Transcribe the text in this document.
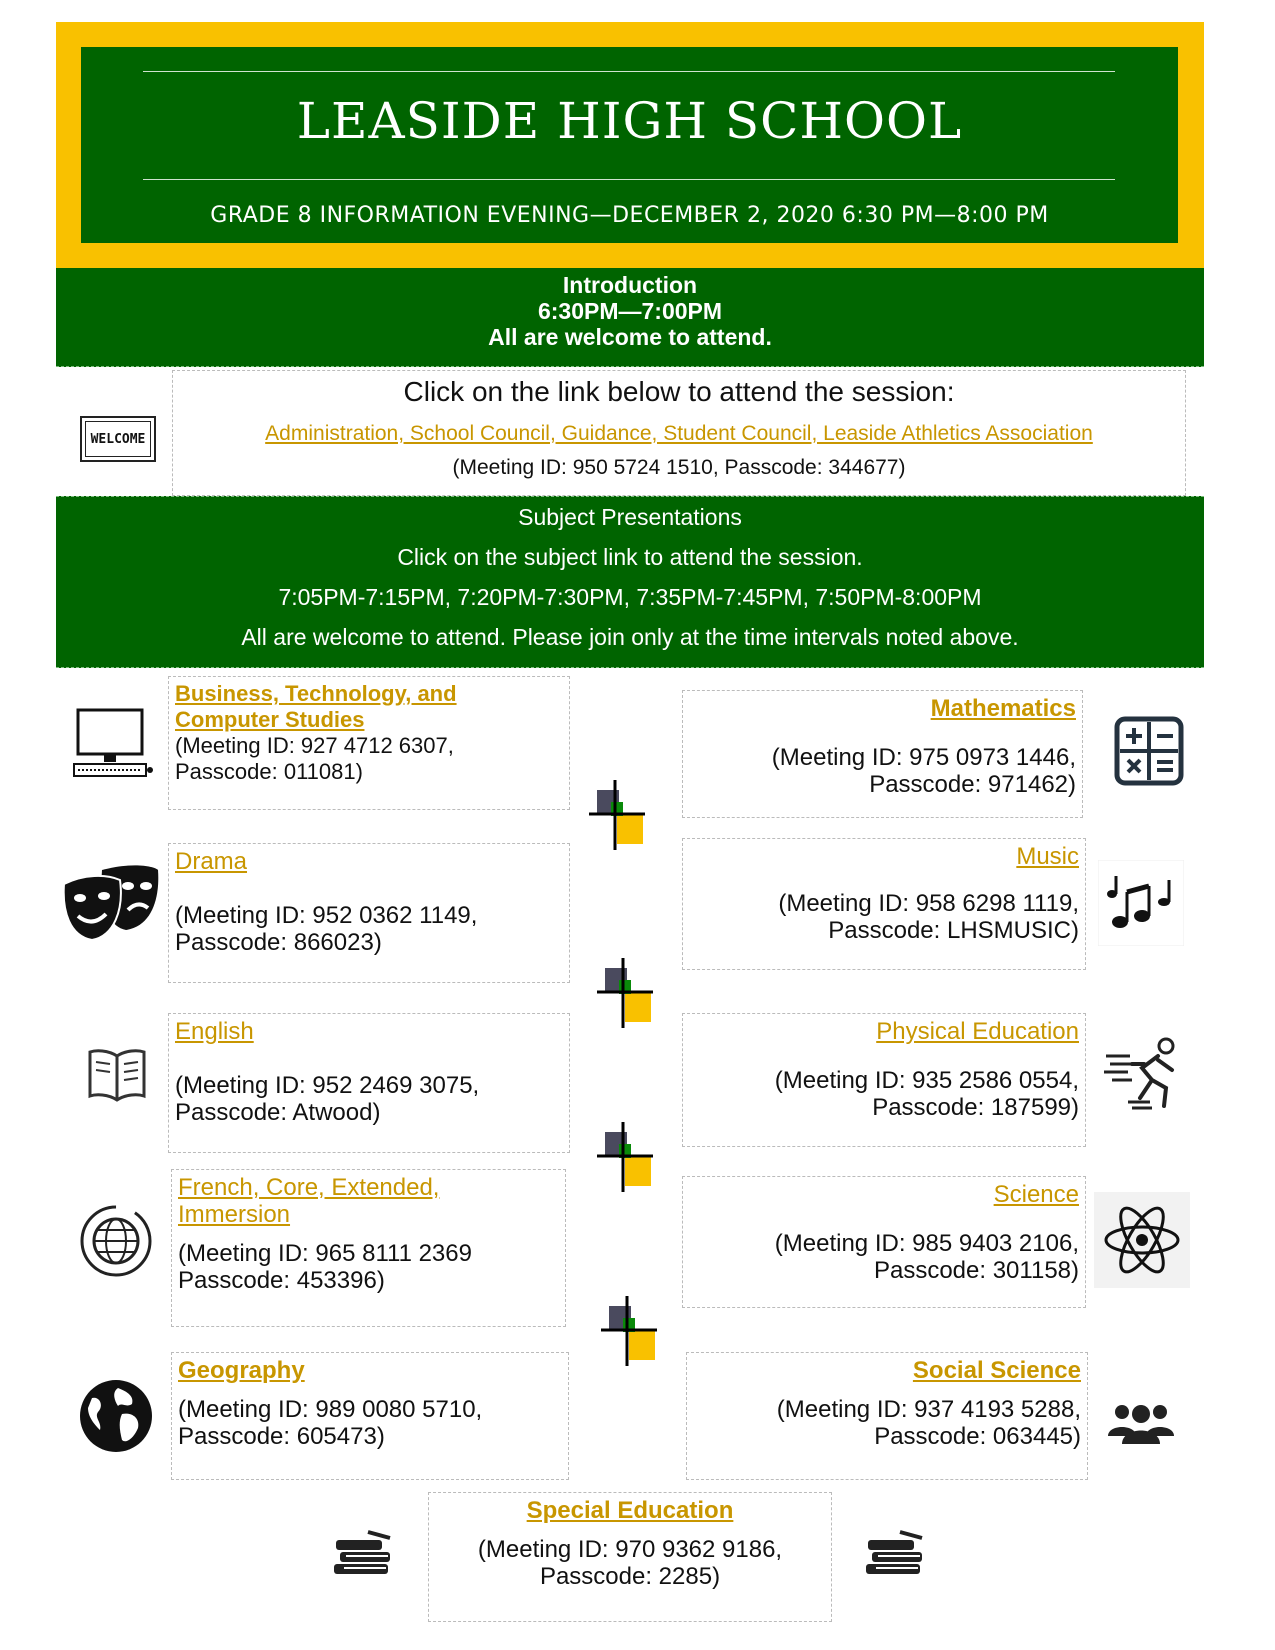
LEASIDE HIGH SCHOOL
GRADE 8 INFORMATION EVENING—DECEMBER 2, 2020 6:30 PM—8:00 PM
Introduction
6:30PM—7:00PM
All are welcome to attend.
WELCOME
Click on the link below to attend the session:
Administration, School Council, Guidance, Student Council, Leaside Athletics Association
(Meeting ID: 950 5724 1510, Passcode: 344677)
Subject Presentations
Click on the subject link to attend the session.
7:05PM-7:15PM, 7:20PM-7:30PM, 7:35PM-7:45PM, 7:50PM-8:00PM
All are welcome to attend. Please join only at the time intervals noted above.
Business, Technology, and Computer Studies
(Meeting ID: 927 4712 6307,
Passcode: 011081)
Drama
(Meeting ID: 952 0362 1149,
Passcode: 866023)
English
(Meeting ID: 952 2469 3075,
Passcode: Atwood)
French, Core, Extended, Immersion
(Meeting ID: 965 8111 2369
Passcode: 453396)
Geography
(Meeting ID: 989 0080 5710,
Passcode: 605473)
Mathematics
(Meeting ID: 975 0973 1446,
Passcode: 971462)
Music
(Meeting ID: 958 6298 1119,
Passcode: LHSMUSIC)
Physical Education
(Meeting ID: 935 2586 0554,
Passcode: 187599)
Science
(Meeting ID: 985 9403 2106,
Passcode: 301158)
Social Science
(Meeting ID: 937 4193 5288,
Passcode: 063445)
Special Education
(Meeting ID: 970 9362 9186,
Passcode: 2285)
